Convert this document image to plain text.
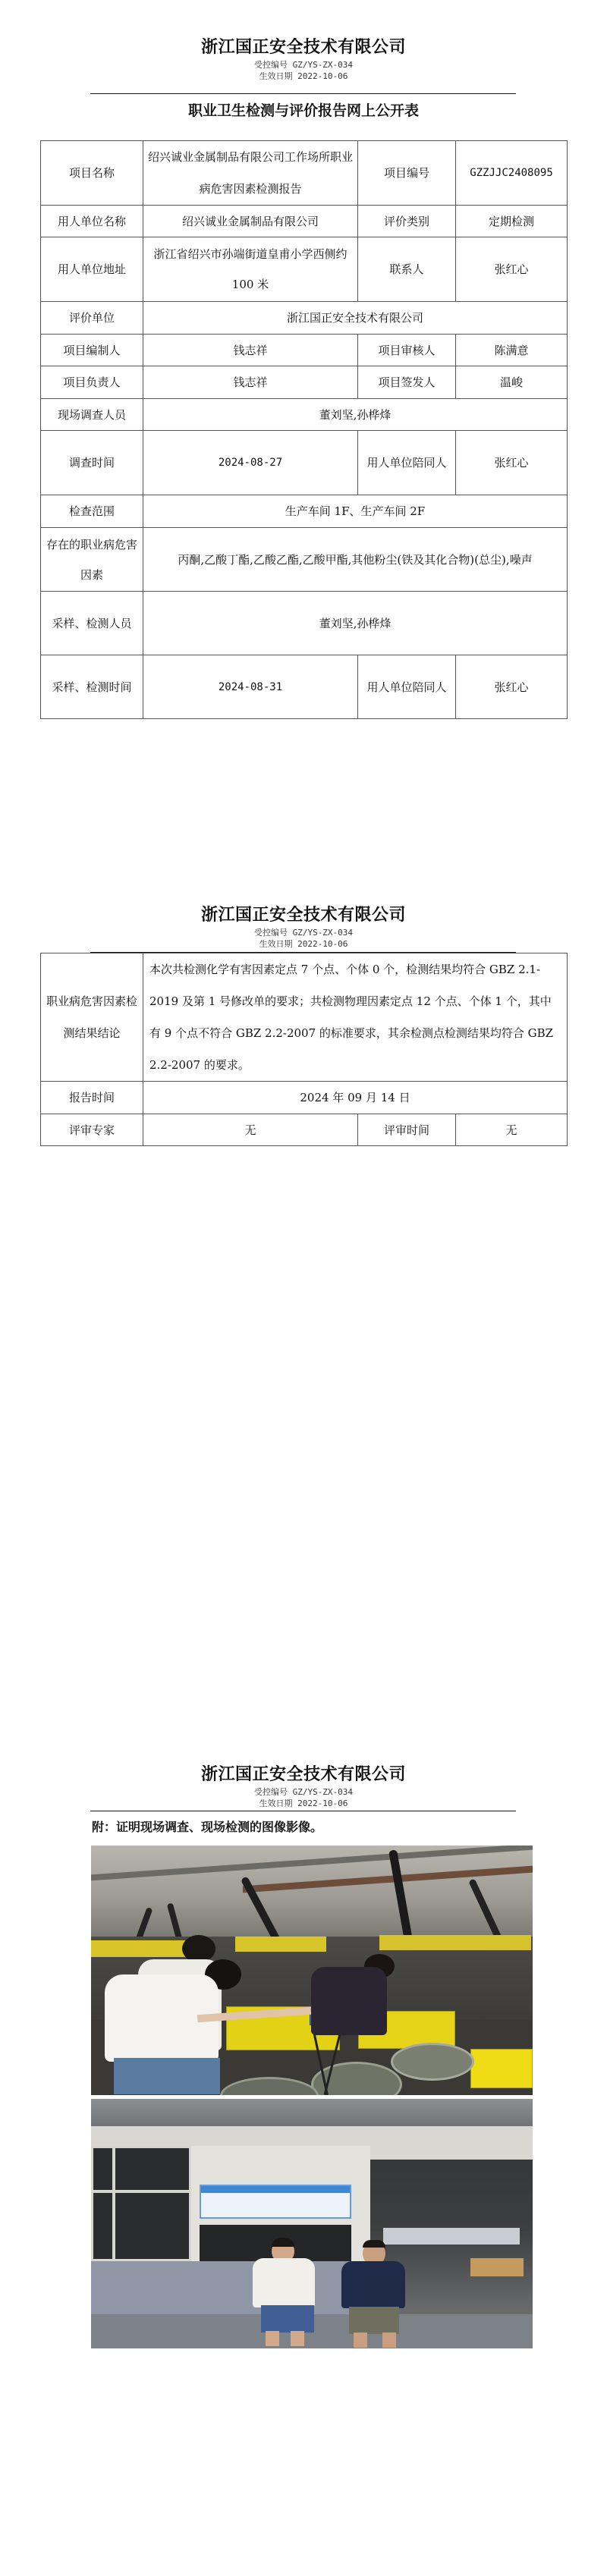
浙江国正安全技术有限公司
受控编号 GZ/YS-ZX-034
生效日期 2022-10-06
职业卫生检测与评价报告网上公开表
项目名称	绍兴诚业金属制品有限公司工作场所职业病危害因素检测报告	项目编号	GZZJJC2408095
用人单位名称	绍兴诚业金属制品有限公司	评价类别	定期检测
用人单位地址	浙江省绍兴市孙端街道皇甫小学西侧约 100 米	联系人	张红心
评价单位	浙江国正安全技术有限公司		
项目编制人	钱志祥	项目审核人	陈满意
项目负责人	钱志祥	项目签发人	温峻
现场调查人员	董刘坚,孙桦烽		
调查时间	2024-08-27	用人单位陪同人	张红心
检查范围	生产车间 1F、生产车间 2F		
存在的职业病危害因素	丙酮,乙酸丁酯,乙酸乙酯,乙酸甲酯,其他粉尘(铁及其化合物)(总尘),噪声		
采样、检测人员	董刘坚,孙桦烽		
采样、检测时间	2024-08-31	用人单位陪同人	张红心
浙江国正安全技术有限公司
受控编号 GZ/YS-ZX-034
生效日期 2022-10-06
职业病危害因素检测结果结论	本次共检测化学有害因素定点 7 个点、个体 0 个，检测结果均符合 GBZ 2.1-2019 及第 1 号修改单的要求；共检测物理因素定点 12 个点、个体 1 个，其中有 9 个点不符合 GBZ 2.2-2007 的标准要求，其余检测点检测结果均符合 GBZ 2.2-2007 的要求。		
报告时间	2024 年 09 月 14 日		
评审专家	无	评审时间	无
浙江国正安全技术有限公司
受控编号 GZ/YS-ZX-034
生效日期 2022-10-06
附：证明现场调查、现场检测的图像影像。
